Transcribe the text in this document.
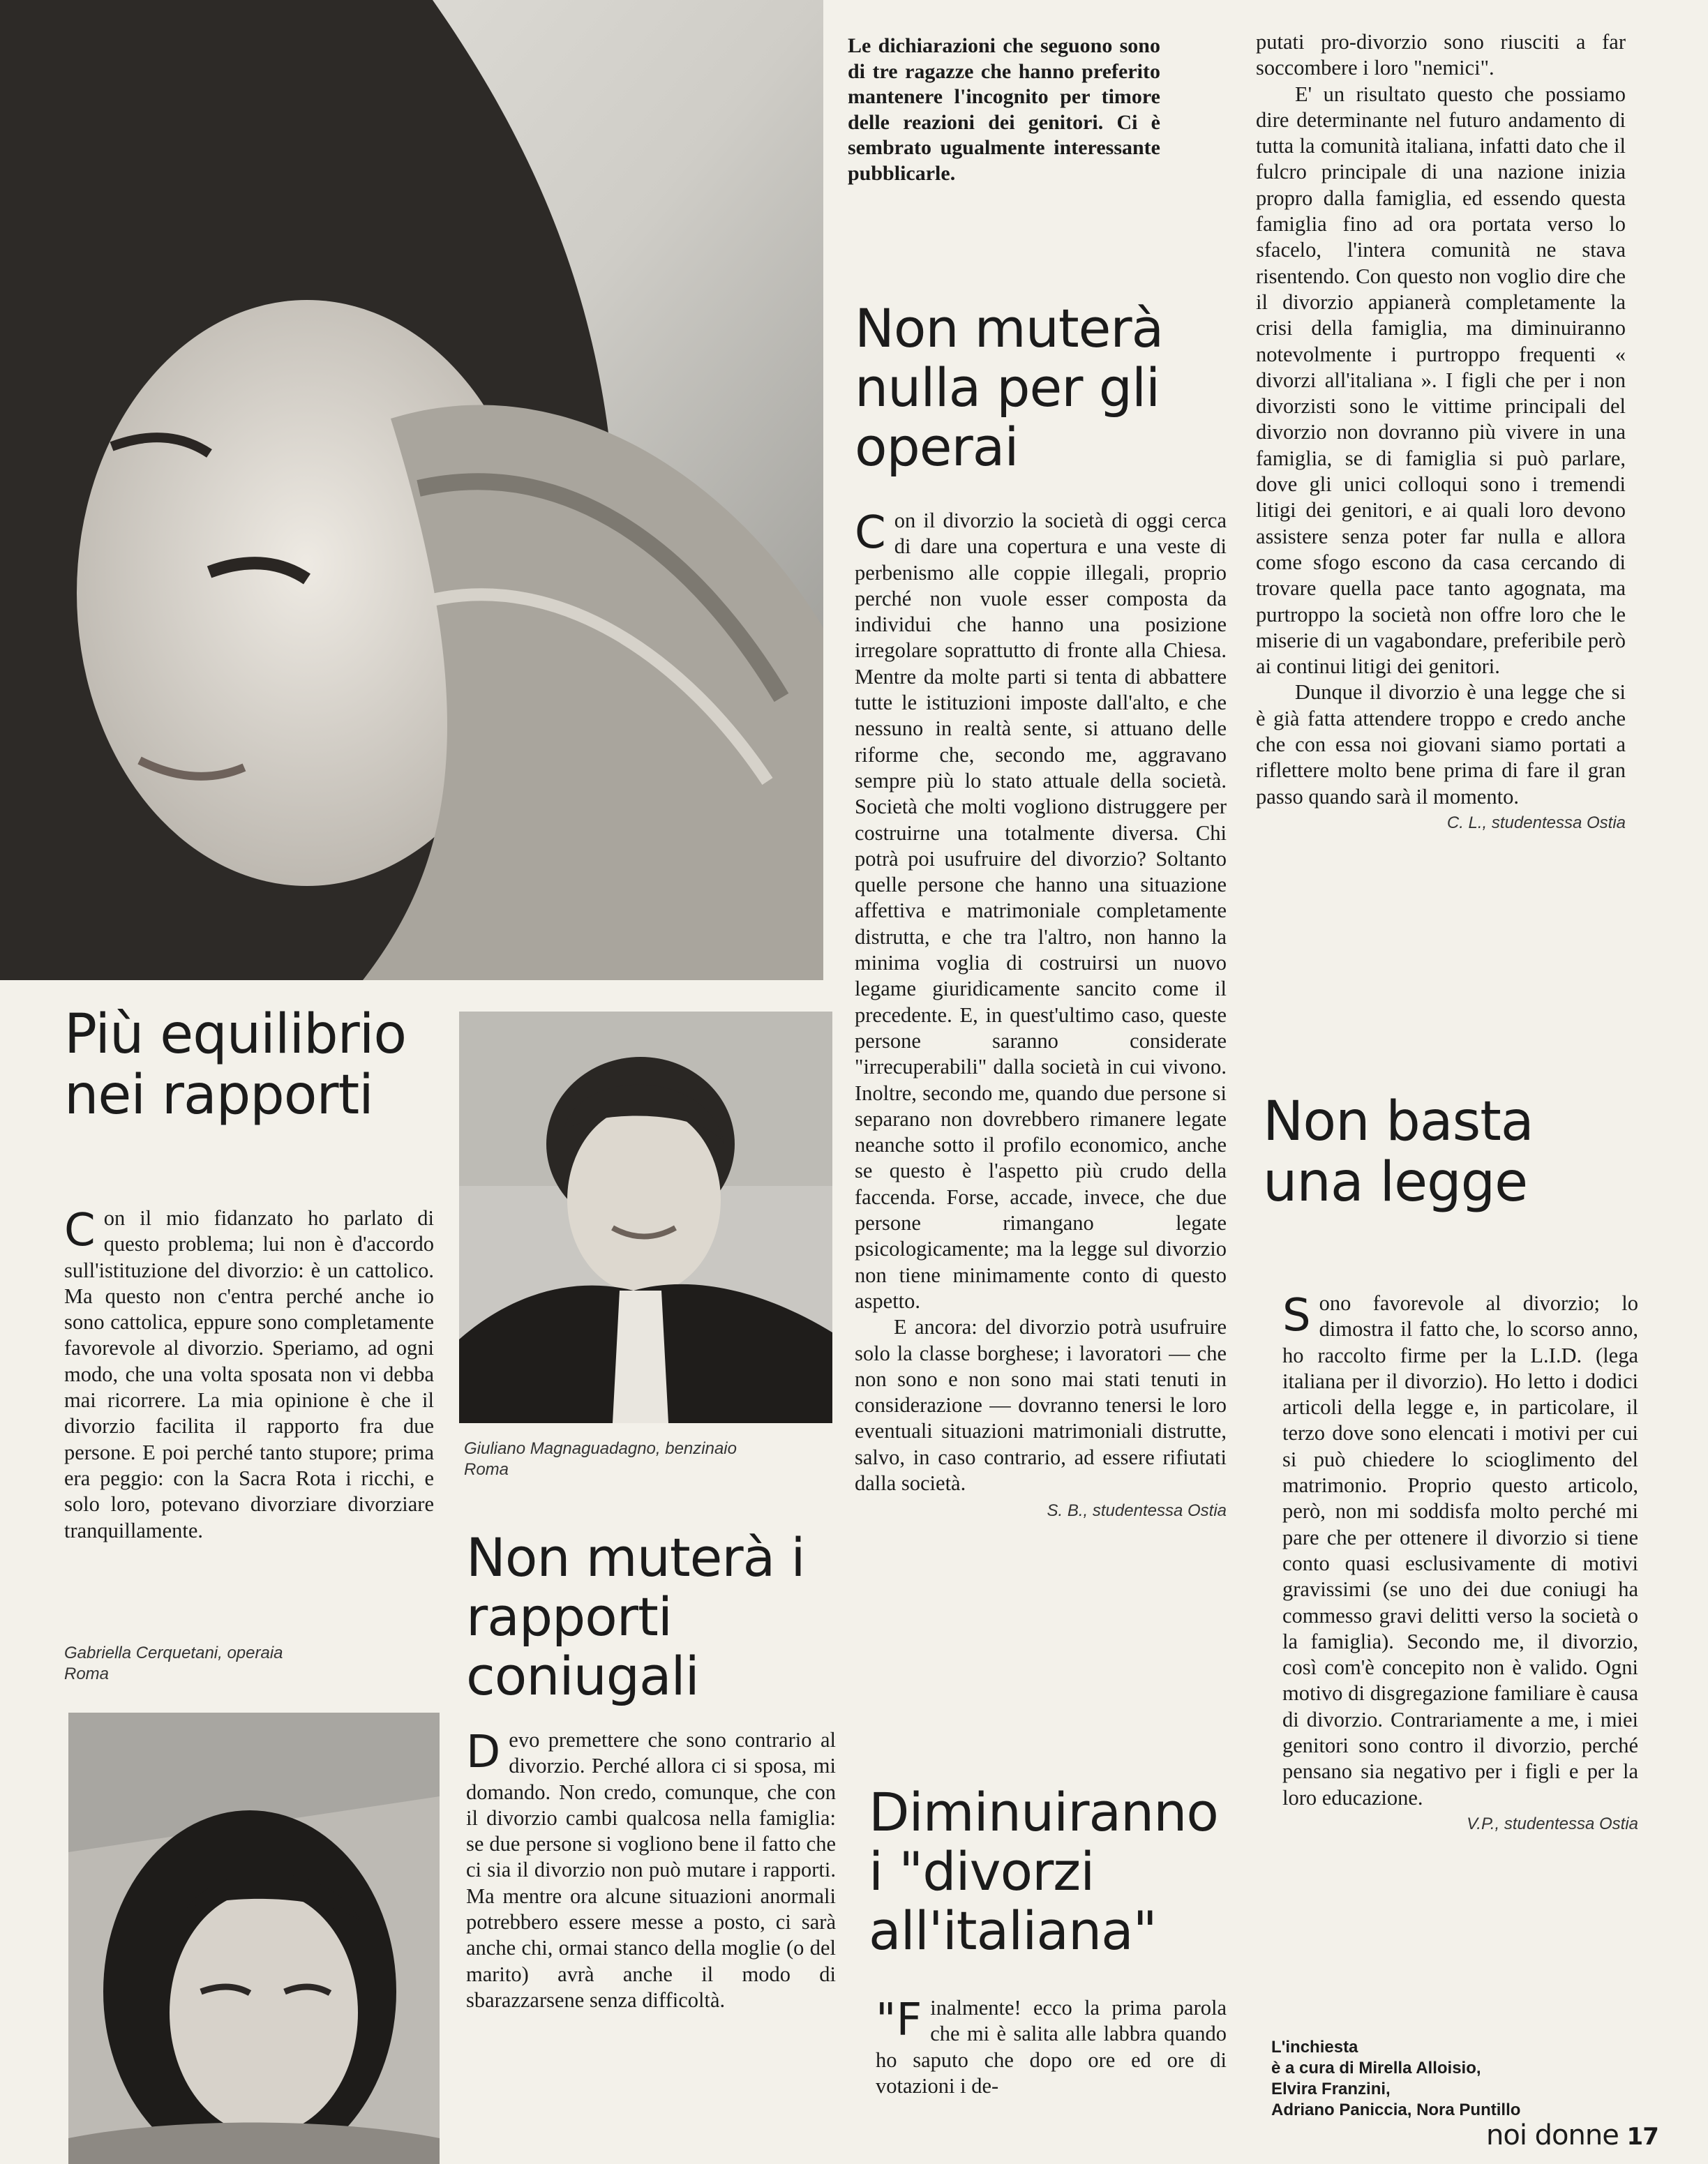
Le dichiarazioni che seguono sono di tre ragazze che hanno preferito mantenere l'incognito per timore delle reazioni dei genitori. Ci è sembrato ugualmente interessante pubblicarle.

Non muterà nulla per gli operai
C on il divorzio la società di oggi cerca di dare una copertura e una veste di perbenismo alle coppie illegali, proprio perché non vuole esser composta da individui che hanno una posizione irregolare soprattutto di fronte alla Chiesa. Mentre da molte parti si tenta di abbattere tutte le istituzioni imposte dall'alto, e che nessuno in realtà sente, si attuano delle riforme che, secondo me, aggravano sempre più lo stato attuale della società. Società che molti vogliono distruggere per costruirne una totalmente diversa. Chi potrà poi usufruire del divorzio? Soltanto quelle persone che hanno una situazione affettiva e matrimoniale completamente distrutta, e che tra l'altro, non hanno la minima voglia di costruirsi un nuovo legame giuridicamente sancito come il precedente. E, in quest'ultimo caso, queste persone saranno considerate "irrecuperabili" dalla società in cui vivono. Inoltre, secondo me, quando due persone si separano non dovrebbero rimanere legate neanche sotto il profilo economico, anche se questo è l'aspetto più crudo della faccenda. Forse, accade, invece, che due persone rimangano legate psicologicamente; ma la legge sul divorzio non tiene minimamente conto di questo aspetto.

E ancora: del divorzio potrà usufruire solo la classe borghese; i lavoratori — che non sono e non sono mai stati tenuti in considerazione — dovranno tenersi le loro eventuali situazioni matrimoniali distrutte, salvo, in caso contrario, ad essere rifiutati dalla società.

S. B., studentessa Ostia
Più equilibrio nei rapporti
C on il mio fidanzato ho parlato di questo problema; lui non è d'accordo sull'istituzione del divorzio: è un cattolico. Ma questo non c'entra perché anche io sono cattolica, eppure sono completamente favorevole al divorzio. Speriamo, ad ogni modo, che una volta sposata non vi debba mai ricorrere. La mia opinione è che il divorzio facilita il rapporto fra due persone. E poi perché tanto stupore; prima era peggio: con la Sacra Rota i ricchi, e solo loro, potevano divorziare divorziare tranquillamente.

Gabriella Cerquetani, operaia
Roma
Giuliano Magnaguadagno, benzinaio
Roma
Non muterà i rapporti coniugali
D evo premettere che sono contrario al divorzio. Perché allora ci si sposa, mi domando. Non credo, comunque, che con il divorzio cambi qualcosa nella famiglia: se due persone si vogliono bene il fatto che ci sia il divorzio non può mutare i rapporti. Ma mentre ora alcune situazioni anormali potrebbero essere messe a posto, ci sarà anche chi, ormai stanco della moglie (o del marito) avrà anche il modo di sbarazzarsene senza difficoltà.

Diminuiranno i "divorzi all'italiana"
"F inalmente! ecco la prima parola che mi è salita alle labbra quando ho saputo che dopo ore ed ore di votazioni i de-

putati pro-divorzio sono riusciti a far soccombere i loro "nemici".

E' un risultato questo che possiamo dire determinante nel futuro andamento di tutta la comunità italiana, infatti dato che il fulcro principale di una nazione inizia propro dalla famiglia, ed essendo questa famiglia fino ad ora portata verso lo sfacelo, l'intera comunità ne stava risentendo. Con questo non voglio dire che il divorzio appianerà completamente la crisi della famiglia, ma diminuiranno notevolmente i purtroppo frequenti « divorzi all'italiana ». I figli che per i non divorzisti sono le vittime principali del divorzio non dovranno più vivere in una famiglia, se di famiglia si può parlare, dove gli unici colloqui sono i tremendi litigi dei genitori, e ai quali loro devono assistere senza poter far nulla e allora come sfogo escono da casa cercando di trovare quella pace tanto agognata, ma purtroppo la società non offre loro che le miserie di un vagabondare, preferibile però ai continui litigi dei genitori.

Dunque il divorzio è una legge che si è già fatta attendere troppo e credo anche che con essa noi giovani siamo portati a riflettere molto bene prima di fare il gran passo quando sarà il momento.

C. L., studentessa Ostia
Non basta una legge
S ono favorevole al divorzio; lo dimostra il fatto che, lo scorso anno, ho raccolto firme per la L.I.D. (lega italiana per il divorzio). Ho letto i dodici articoli della legge e, in particolare, il terzo dove sono elencati i motivi per cui si può chiedere lo scioglimento del matrimonio. Proprio questo articolo, però, non mi soddisfa molto perché mi pare che per ottenere il divorzio si tiene conto quasi esclusivamente di motivi gravissimi (se uno dei due coniugi ha commesso gravi delitti verso la società o la famiglia). Secondo me, il divorzio, così com'è concepito non è valido. Ogni motivo di disgregazione familiare è causa di divorzio. Contrariamente a me, i miei genitori sono contro il divorzio, perché pensano sia negativo per i figli e per la loro educazione.

V.P., studentessa Ostia
L'inchiesta
è a cura di Mirella Alloisio,
Elvira Franzini,
Adriano Paniccia, Nora Puntillo
noi donne 17
